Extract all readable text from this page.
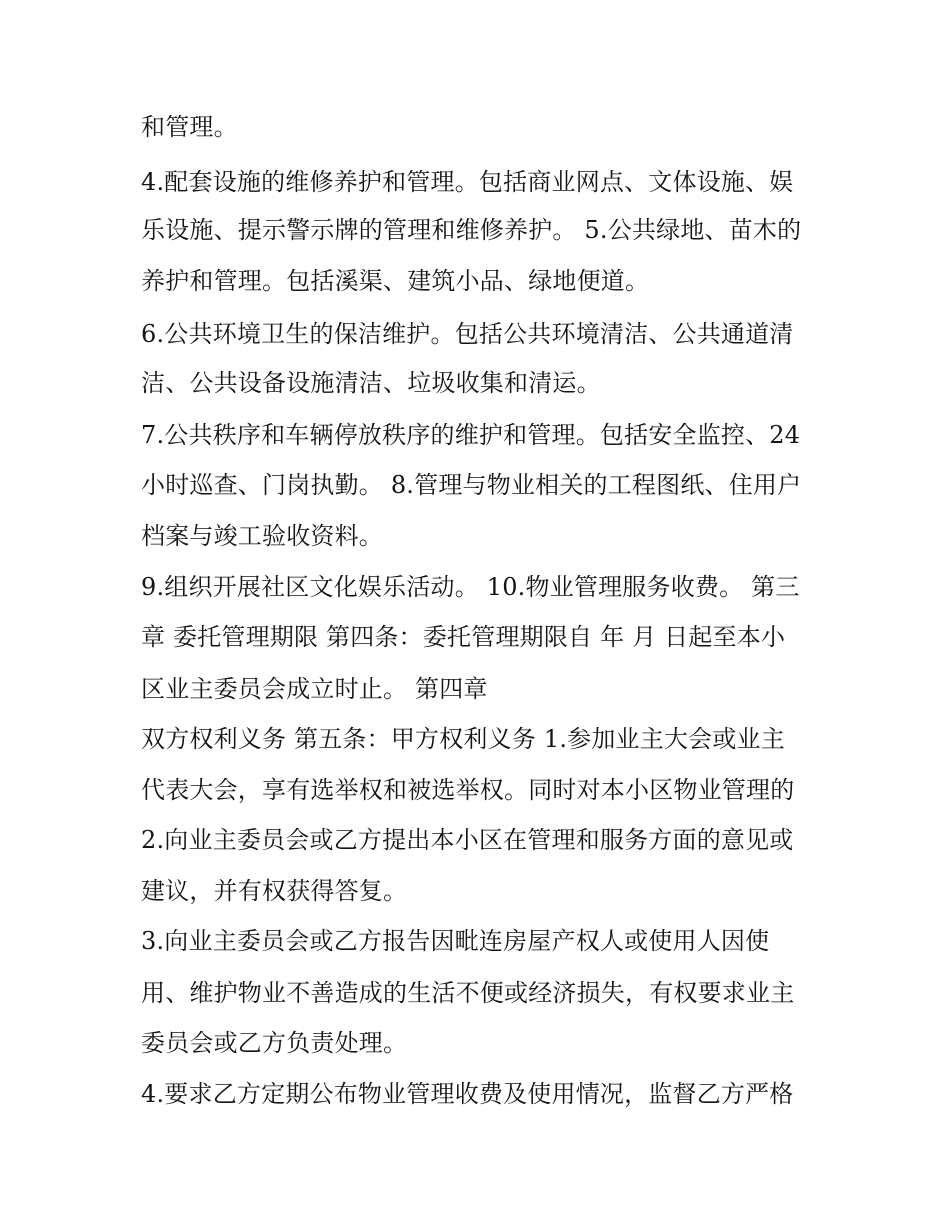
和管理。
4.配套设施的维修养护和管理。包括商业网点、文体设施、娱
乐设施、提示警示牌的管理和维修养护。 5.公共绿地、苗木的
养护和管理。包括溪渠、建筑小品、绿地便道。
6.公共环境卫生的保洁维护。包括公共环境清洁、公共通道清
洁、公共设备设施清洁、垃圾收集和清运。
7.公共秩序和车辆停放秩序的维护和管理。包括安全监控、24
小时巡查、门岗执勤。 8.管理与物业相关的工程图纸、住用户
档案与竣工验收资料。
9.组织开展社区文化娱乐活动。 10.物业管理服务收费。 第三
章 委托管理期限 第四条：委托管理期限自 年 月 日起至本小
区业主委员会成立时止。 第四章
双方权利义务 第五条：甲方权利义务 1.参加业主大会或业主
代表大会，享有选举权和被选举权。同时对本小区物业管理的
2.向业主委员会或乙方提出本小区在管理和服务方面的意见或
建议，并有权获得答复。
3.向业主委员会或乙方报告因毗连房屋产权人或使用人因使
用、维护物业不善造成的生活不便或经济损失，有权要求业主
委员会或乙方负责处理。
4.要求乙方定期公布物业管理收费及使用情况，监督乙方严格
